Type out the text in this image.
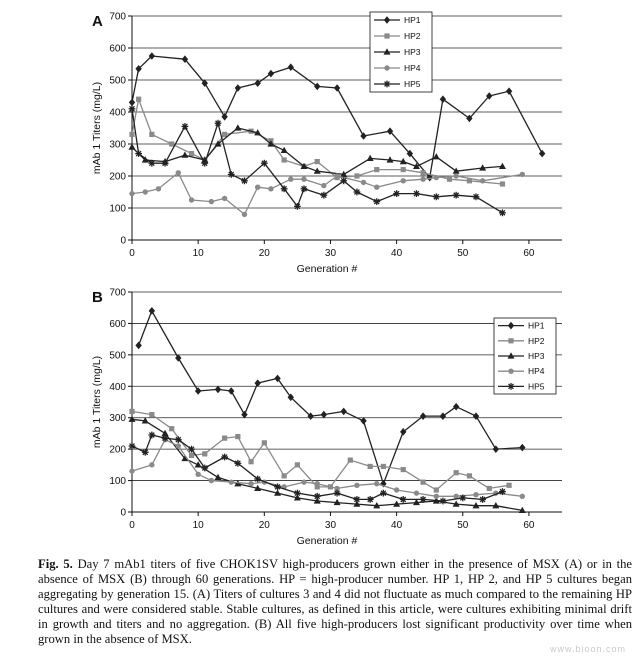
0
100
200
300
400
500
600
700
0	10	20	30	40	50	60
Generation #
mAb 1 Titers (mg/L)
A	HP1
HP2
HP3
HP4
HP5
0
100
200
300
400
500
600
700
0	10	20	30	40	50	60
Generation #
mAb 1 Titers (mg/L)
B
HP1
HP2
HP3
HP4
HP5
Fig. 5. Day 7 mAb1 titers of five CHOK1SV high-producers grown either in the presence of MSX (A) or in the absence of MSX (B) through 60 generations. HP = high-producer number. HP 1, HP 2, and HP 5 cultures began aggregating by generation 15. (A) Titers of cultures 3 and 4 did not fluctuate as much compared to the remaining HP cultures and were considered stable. Stable cultures, as defined in this article, were cultures exhibiting minimal drift in growth and titers and no aggregation. (B) All five high-producers lost significant productivity over time when grown in the absence of MSX.
www.bioon.com
